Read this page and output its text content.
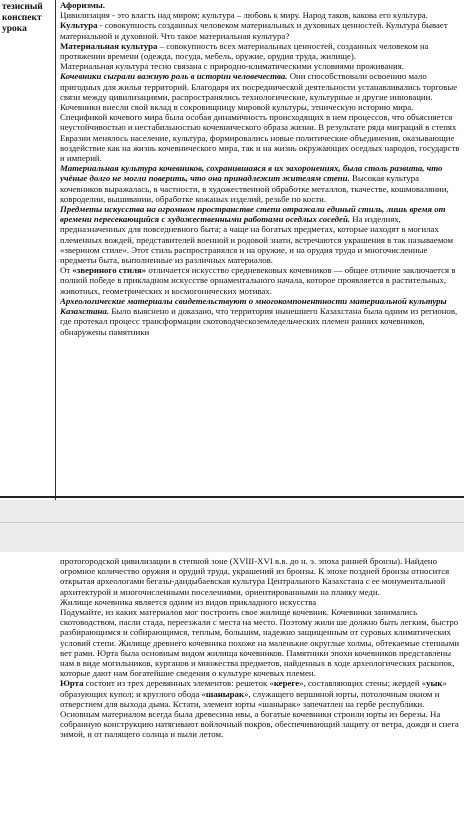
тезисный конспект урока

Афоризмы.

Цивилизация - это власть над миром; культура – любовь к миру. Народ таков, какова его культура.

Культура - совокупность созданных человеком материальных и духовных ценностей. Культура бывает материальной и духовной. Что такое материальная культура?

Материальная культура – совокупность всех материальных ценностей, созданных человеком на протяжении времени (одежда, посуда, мебель, оружие, орудия труда, жилище).

Материальная культура тесно связана с природно-климатическими условиями проживания.

Кочевники сыграли важную роль в истории человечества. Они способствовали освоению мало пригодных для жилья территорий. Благодаря их посреднической деятельности устанавливались торговые связи между цивилизациями, распространялись технологические, культурные и другие инновации. Кочевники внесли свой вклад в сокровищницу мировой культуры, этническую историю мира. Спецификой кочевого мира была особая динамичность происходящих в нем процессов, что объясняется неустойчивостью и нестабильностью кочевнического образа жизни. В результате ряда миграций в степях Евразии менялось население, культура, формировались новые политические объединения, оказывающие воздействие как на жизнь кочевнического мира, так и на жизнь окружающих оседлых народов, государств и империй.

Материальная культура кочевников, сохранившаяся в их захоронениях, была столь развита, что учёные долго не могли поверить, что она принадлежит жителям степи. Высокая культура кочевников выражалась, в частности, в художественной обработке металлов, ткачестве, кошмовалянии, ковроделии, вышивании, обработке кожаных изделий, резьбе по кости.

Предметы искусства на огромном пространстве степи отражали единый стиль, лишь время от времени пересекающийся с художественными работами оседлых соседей. На изделиях, предназначенных для повседневного быта; а чаще на богатых предметах, которые находят в могилах племенных вождей, представителей военной и родовой знати, встречаются украшения в так называемом «зверином стиле». Этот стиль распространялся и на оружие, и на орудия труда и многочисленные предметы быта, выполненные из различных материалов.

От «звериного стиля» отличается искусство средневековых кочевников — общее отличие заключается в полной победе в прикладном искусстве орнаментального начала, которое проявляется в растительных, животных, геометрических и космогонических мотивах.

Археологические материалы свидетельствуют о многокомпонентности материальной культуры Казахстана. Было выяснено и доказано, что территория нынешнего Казахстана была одним из регионов, где протекал процесс трансформации скотоводческоземледельческих племен ранних кочевников, обнаружены памятники

протогородской цивилизации в степной зоне (XVIII-XVI в.в. до н. э. эпоха ранней бронзы). Найдено огромное количество оружия и орудий труда, украшений из бронзы. К эпохе поздней бронзы относится открытая археологами бегазы-дандыбаевская культура Центрального Казахстана с ее монументальной архитектурой и многочисленными поселениями, ориентированными на плавку меди.

Жилище кочевника является одним из видов прикладного искусства

Подумайте, из каких материалов мог построить свое жилище кочевник. Кочевники занимались скотоводством, пасли стада, переезжали с места на место. Поэтому жили ше должно быть легким, быстро разбирающимся и собирающимся, теплым, большим, надежно защищенным от суровых климатических условий степи. Жилище древнего кочевника похоже на маленькие округлые холмы, обтекаемые степными вет рами. Юрта была основным видом жилища кочевников. Памятники эпохи кочевников представлены нам в виде могильников, курганов и множества предметов, найденных в ходе археологических раскопок, которые дают нам богатейшие сведения о культуре кочевых племен.

Юрта состоит из трех деревянных элементов: решеток «кереге», составляющих стены; жердей «уык» образующих купол; и круглого обода «шанырак», служащего вершиной юрты, потолочным окном и отверстием для выхода дыма. Кстати, элемент юрты «шанырак» запечатлен на гербе республики. Основным материалом всегда была древесина ивы, а богатые кочевники строили юрты из березы. На собранную конструкцию натягивают войлочный покров, обеспечивающий защиту от ветра, дождя и снега зимой, и от палящего солнца и пыли летом.
